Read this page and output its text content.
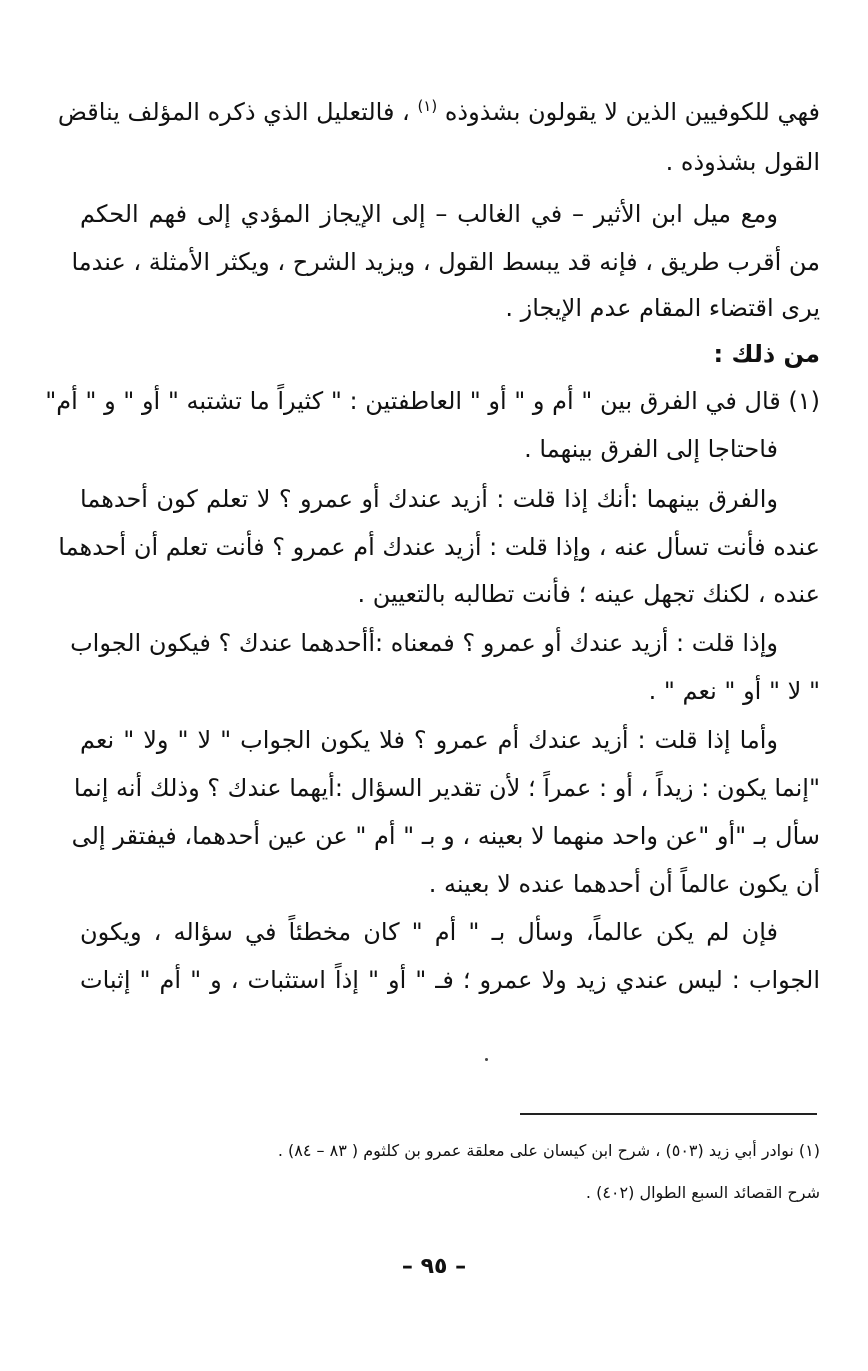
فهي للكوفيين الذين لا يقولون بشذوذه $^{(١)}$ ، فالتعليل الذي ذكره المؤلف يناقض
القول بشذوذه .
ومع ميل ابن الأثير – في الغالب – إلى الإيجاز المؤدي إلى فهم الحكم
من أقرب طريق ، فإنه قد يبسط القول ، ويزيد الشرح ، ويكثر الأمثلة ، عندما
يرى اقتضاء المقام عدم الإيجاز .
من ذلك :
(١) قال في الفرق بين " أم و " أو " العاطفتين : " كثيراً ما تشتبه " أو " و " أم"
فاحتاجا إلى الفرق بينهما .
والفرق بينهما :أنك إذا قلت : أزيد عندك أو عمرو ؟ لا تعلم كون أحدهما
عنده فأنت تسأل عنه ، وإذا قلت : أزيد عندك أم عمرو ؟ فأنت تعلم أن أحدهما
عنده ، لكنك تجهل عينه ؛ فأنت تطالبه بالتعيين .
وإذا قلت : أزيد عندك أو عمرو ؟ فمعناه :أأحدهما عندك ؟ فيكون الجواب
" لا " أو " نعم " .
وأما إذا قلت : أزيد عندك أم عمرو ؟ فلا يكون الجواب " لا " ولا " نعم
"إنما يكون : زيداً ، أو : عمراً ؛ لأن تقدير السؤال :أيهما عندك ؟ وذلك أنه إنما
سأل بـ "أو "عن واحد منهما لا بعينه ، و بـ " أم " عن عين أحدهما، فيفتقر إلى
أن يكون عالماً أن أحدهما عنده لا بعينه .
فإن لم يكن عالماً، وسأل بـ " أم " كان مخطئاً في سؤاله ، ويكون
الجواب : ليس عندي زيد ولا عمرو ؛ فـ " أو " إذاً استثبات ، و " أم " إثبات
(١) نوادر أبي زيد (٥٠٣) ، شرح ابن كيسان على معلقة عمرو بن كلثوم ( ٨٣ – ٨٤) .
شرح القصائد السبع الطوال (٤٠٢) .
– ٩٥ –
